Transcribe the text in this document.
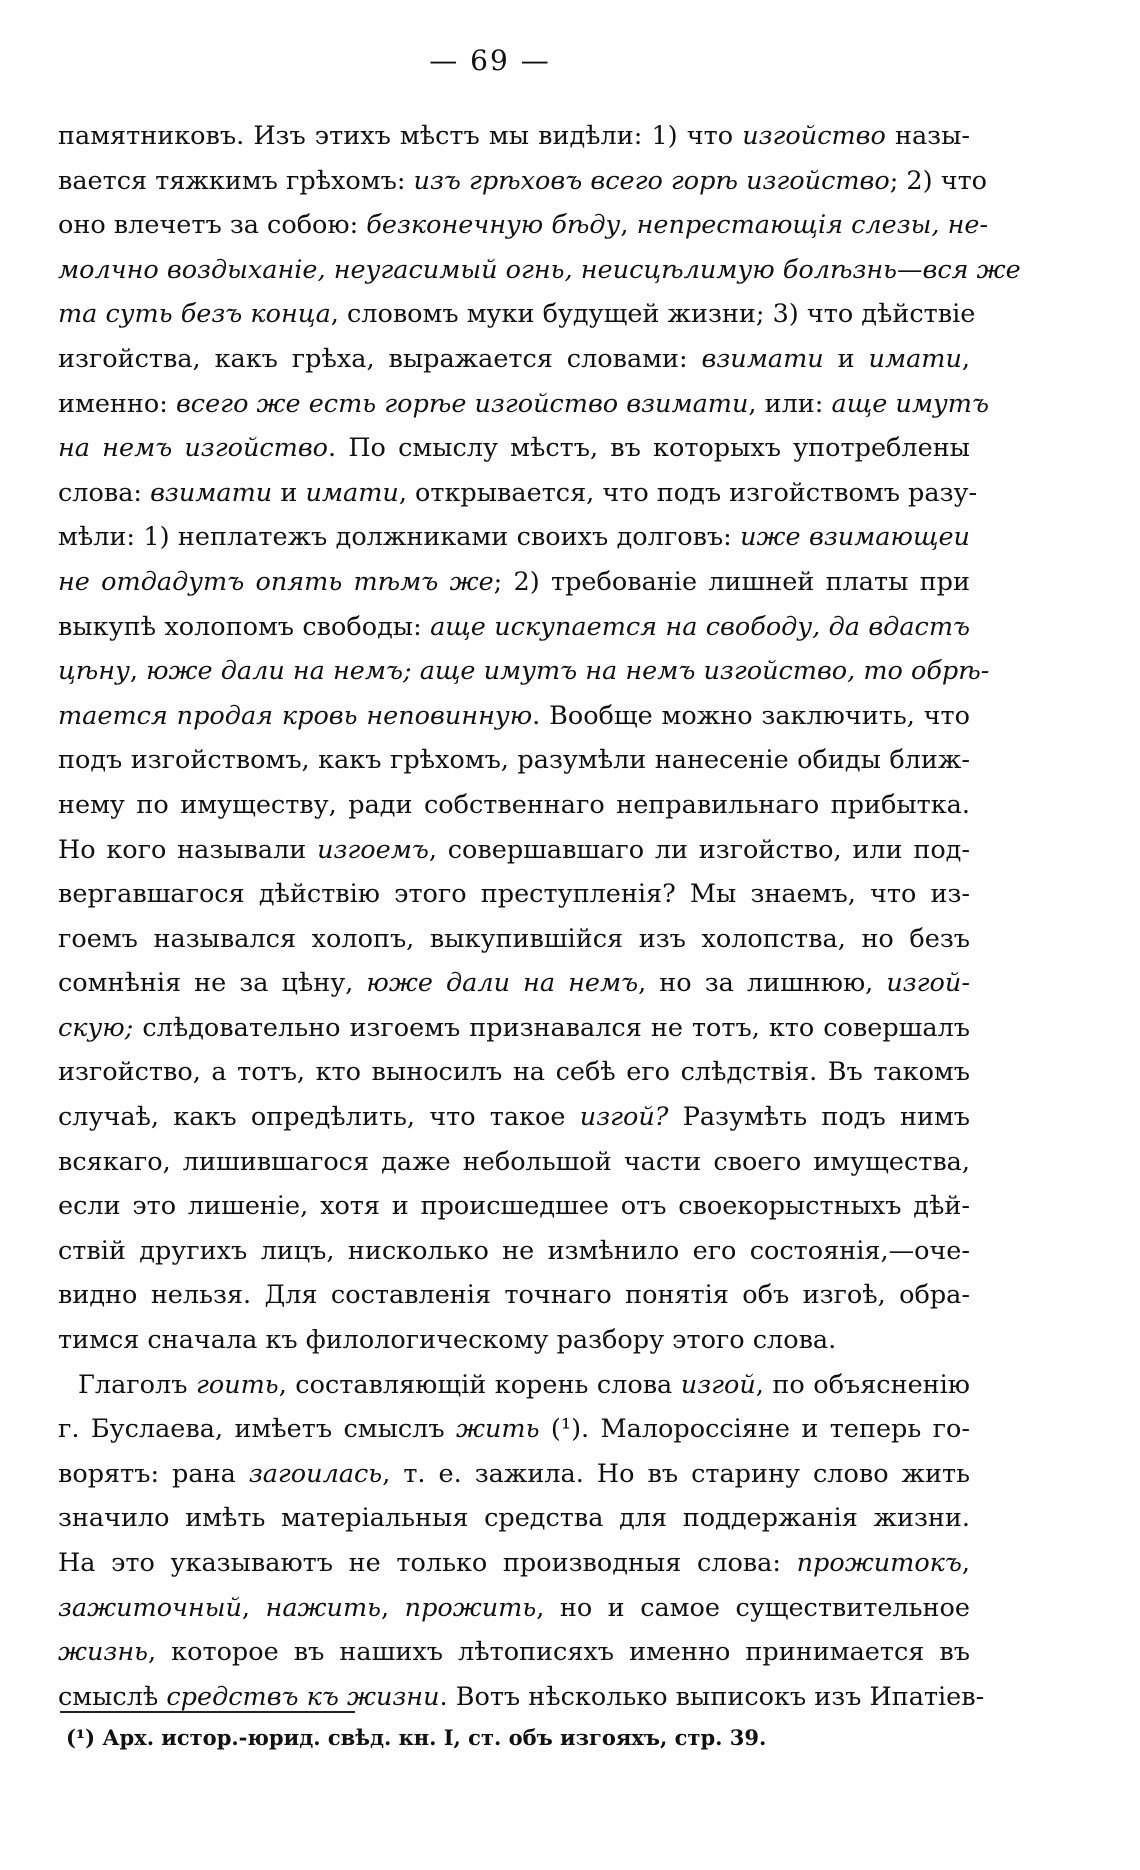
— 69 —
памятниковъ. Изъ этихъ мѣстъ мы видѣли: 1) что изгойство назы-
вается тяжкимъ грѣхомъ: изъ грѣховъ всего горѣ изгойство; 2) что
оно влечетъ за собою: безконечную бѣду, непрестающія слезы, не-
молчно воздыханіе, неугасимый огнь, неисцѣлимую болѣзнь—вся же
та суть безъ конца, словомъ муки будущей жизни; 3) что дѣйствіе
изгойства, какъ грѣха, выражается словами: взимати и имати,
именно: всего же есть горѣе изгойство взимати, или: аще имутъ
на немъ изгойство. По смыслу мѣстъ, въ которыхъ употреблены
слова: взимати и имати, открывается, что подъ изгойствомъ разу-
мѣли: 1) неплатежъ должниками своихъ долговъ: иже взимающеи
не отдадутъ опять тѣмъ же; 2) требованіе лишней платы при
выкупѣ холопомъ свободы: аще искупается на свободу, да вдастъ
цѣну, юже дали на немъ; аще имутъ на немъ изгойство, то обрѣ-
тается продая кровь неповинную. Вообще можно заключить, что
подъ изгойствомъ, какъ грѣхомъ, разумѣли нанесеніе обиды ближ-
нему по имуществу, ради собственнаго неправильнаго прибытка.
Но кого называли изгоемъ, совершавшаго ли изгойство, или под-
вергавшагося дѣйствію этого преступленія? Мы знаемъ, что из-
гоемъ назывался холопъ, выкупившійся изъ холопства, но безъ
сомнѣнія не за цѣну, юже дали на немъ, но за лишнюю, изгой-
скую; слѣдовательно изгоемъ признавался не тотъ, кто совершалъ
изгойство, а тотъ, кто выносилъ на себѣ его слѣдствія. Въ такомъ
случаѣ, какъ опредѣлить, что такое изгой? Разумѣть подъ нимъ
всякаго, лишившагося даже небольшой части своего имущества,
если это лишеніе, хотя и происшедшее отъ своекорыстныхъ дѣй-
ствій другихъ лицъ, нисколько не измѣнило его состоянія,—оче-
видно нельзя. Для составленія точнаго понятія объ изгоѣ, обра-
тимся сначала къ филологическому разбору этого слова.
Глаголъ гоить, составляющій корень слова изгой, по объясненію
г. Буслаева, имѣетъ смыслъ жить (¹). Малороссіяне и теперь го-
ворятъ: рана загоилась, т. е. зажила. Но въ старину слово жить
значило имѣть матеріальныя средства для поддержанія жизни.
На это указываютъ не только производныя слова: прожитокъ,
зажиточный, нажить, прожить, но и самое существительное
жизнь, которое въ нашихъ лѣтописяхъ именно принимается въ
смыслѣ средствъ къ жизни. Вотъ нѣсколько выписокъ изъ Ипатіев-
(¹) Арх. истор.-юрид. свѣд. кн. I, ст. объ изгояхъ, стр. 39.
